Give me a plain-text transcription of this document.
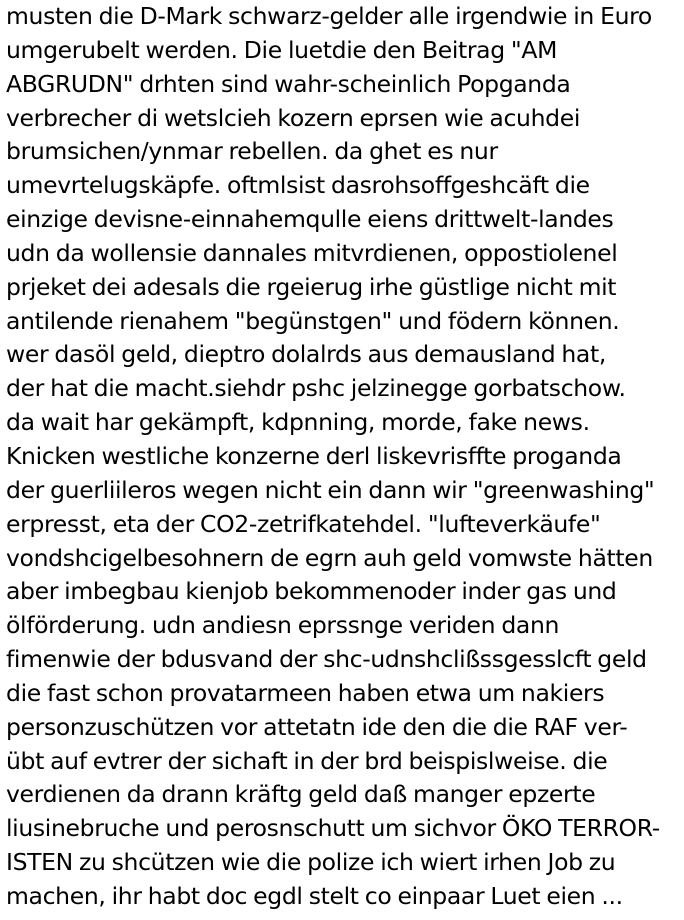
musten die D-Mark schwarz-gelder alle irgendwie in Euro
umgerubelt werden. Die luetdie den Beitrag "AM
ABGRUDN" drhten sind wahr-scheinlich Popganda
verbrecher di wetslcieh kozern eprsen wie acuhdei
brumsichen/ynmar rebellen. da ghet es nur
umevrtelugskäpfe. oftmlsist dasrohsoffgeshcäft die
einzige devisne-einnahemqulle eiens drittwelt-landes
udn da wollensie dannales mitvrdienen, oppostiolenel
prjeket dei adesals die rgeierug irhe güstlige nicht mit
antilende rienahem "begünstgen" und födern können.
wer dasöl geld, dieptro dolalrds aus demausland hat,
der hat die macht.siehdr pshc jelzinegge gorbatschow.
da wait har gekämpft, kdpnning, morde, fake news.
Knicken westliche konzerne derl liskevrisffte proganda
der guerliileros wegen nicht ein dann wir "greenwashing"
erpresst, eta der CO2-zetrifkatehdel. "lufteverkäufe"
vondshcigelbesohnern de egrn auh geld vomwste hätten
aber imbegbau kienjob bekommenoder inder gas und
ölförderung. udn andiesn eprssnge veriden dann
fimenwie der bdusvand der shc-udnshclißssgesslcft geld
die fast schon provatarmeen haben etwa um nakiers
personzuschützen vor attetatn ide den die die RAF ver-
übt auf evtrer der sichaft in der brd beispislweise. die
verdienen da drann kräftg geld daß manger epzerte
liusinebruche und perosnschutt um sichvor ÖKO TERROR-
ISTEN zu shcützen wie die polize ich wiert irhen Job zu
machen, ihr habt doc egdl stelt co einpaar Luet eien ...
